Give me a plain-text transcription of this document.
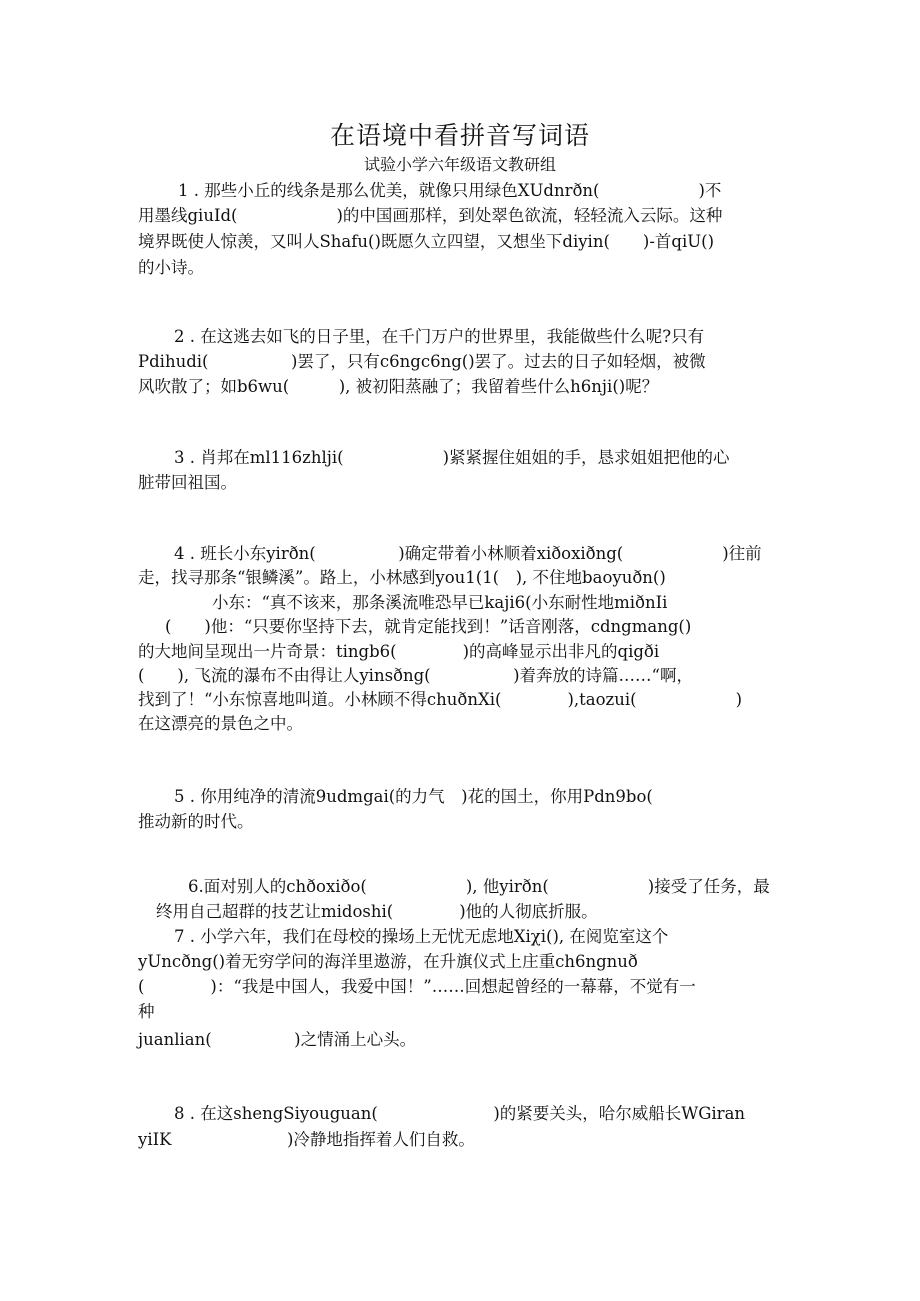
在语境中看拼音写词语

试验小学六年级语文教研组

1 . 那些小丘的线条是那么优美，就像只用绿色XUdnrðn(　　　　　　)不

用墨线giuId(　　　　　　)的中国画那样，到处翠色欲流，轻轻流入云际。这种

境界既使人惊羡，又叫人Shafu()既愿久立四望，又想坐下diyin(　　)-首qiU()

的小诗。

2 . 在这逃去如飞的日子里，在千门万户的世界里，我能做些什么呢?只有

Pdihudi(　　　　　)罢了，只有c6ngc6ng()罢了。过去的日子如轻烟，被微

风吹散了；如b6wu(　　　), 被初阳蒸融了；我留着些什么h6nji()呢？

3 . 肖邦在ml116zhlji(　　　　　　)紧紧握住姐姐的手，恳求姐姐把他的心

脏带回祖国。

4 . 班长小东yirðn(　　　　　)确定带着小林顺着xiðoxiðng(　　　　　　)往前

走，找寻那条“银鳞溪”。路上，小林感到you1(1(　), 不住地baoyuðn()

小东：“真不该来，那条溪流唯恐早已kaji6(小东耐性地miðnIi

(　　)他：“只要你坚持下去，就肯定能找到！”话音刚落，cdngmang()

的大地间呈现出一片奇景：tingb6(　　　　)的高峰显示出非凡的qigði

(　　), 飞流的瀑布不由得让人yinsðng(　　　　　)着奔放的诗篇……“啊，

找到了！“小东惊喜地叫道。小林顾不得chuðnXi(　　　　),taozui(　　　　　　)

在这漂亮的景色之中。

5 . 你用纯净的清流9udmgai(的力气　)花的国土，你用Pdn9bo(

推动新的时代。

6.面对别人的chðoxiðo(　　　　　　), 他yirðn(　　　　　　)接受了任务，最

终用自己超群的技艺让midoshi(　　　　)他的人彻底折服。

7 . 小学六年，我们在母校的操场上无忧无虑地Xiχi(), 在阅览室这个

yUncðng()着无穷学问的海洋里遨游，在升旗仪式上庄重ch6ngnuð

(　　　　)：“我是中国人，我爱中国！”……回想起曾经的一幕幕，不觉有一

种

juanlian(　　　　　)之情涌上心头。

8 . 在这shengSiyouguan(　　　　　　　)的紧要关头，哈尔威船长WGiran

yiIK　　　　　　　)冷静地指挥着人们自救。
